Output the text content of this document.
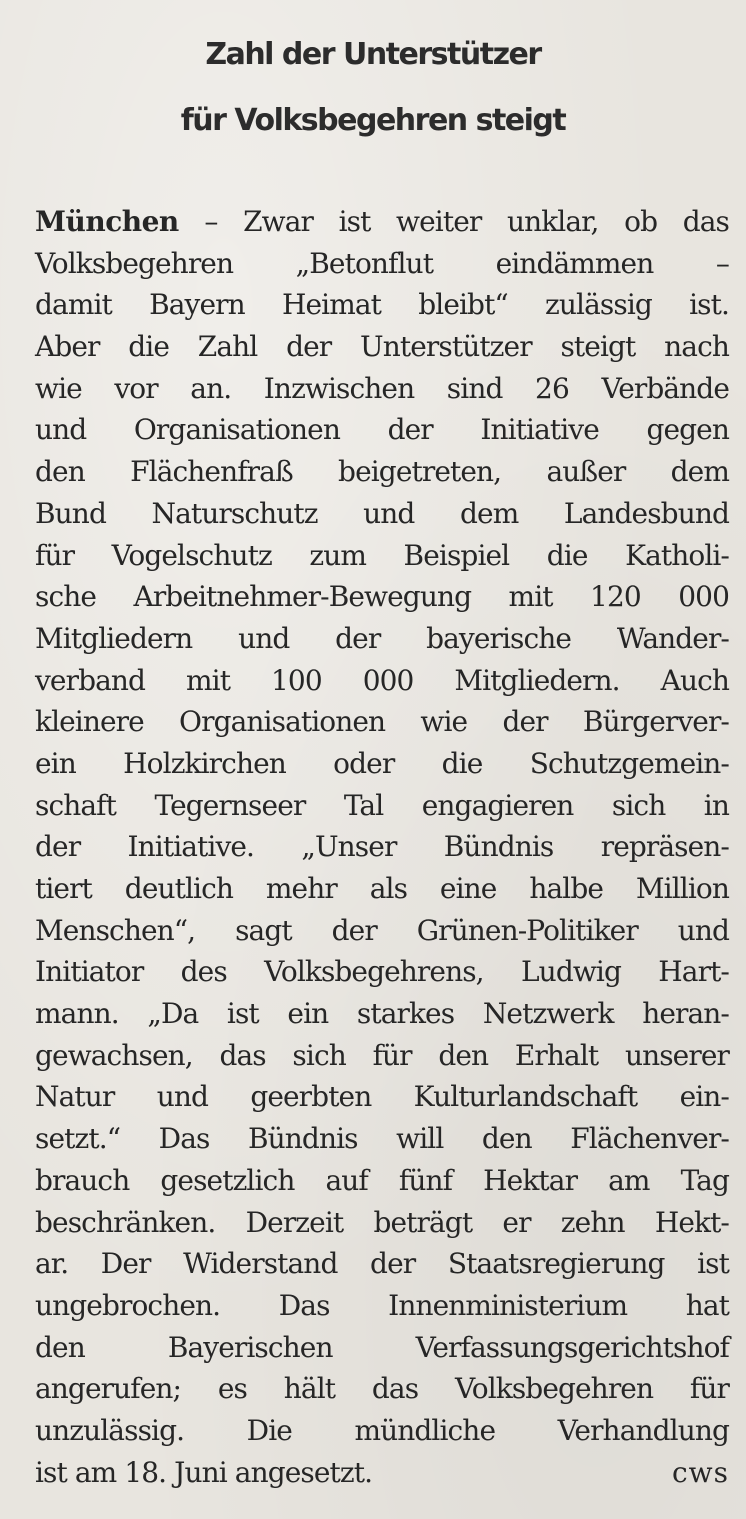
Zahl der Unterstützer
für Volksbegehren steigt
München – Zwar ist weiter unklar, ob das
Volksbegehren „Betonflut eindämmen –
damit Bayern Heimat bleibt“ zulässig ist.
Aber die Zahl der Unterstützer steigt nach
wie vor an. Inzwischen sind 26 Verbände
und Organisationen der Initiative gegen
den Flächenfraß beigetreten, außer dem
Bund Naturschutz und dem Landesbund
für Vogelschutz zum Beispiel die Katholi-
sche Arbeitnehmer-Bewegung mit 120 000
Mitgliedern und der bayerische Wander-
verband mit 100 000 Mitgliedern. Auch
kleinere Organisationen wie der Bürgerver-
ein Holzkirchen oder die Schutzgemein-
schaft Tegernseer Tal engagieren sich in
der Initiative. „Unser Bündnis repräsen-
tiert deutlich mehr als eine halbe Million
Menschen“, sagt der Grünen-Politiker und
Initiator des Volksbegehrens, Ludwig Hart-
mann. „Da ist ein starkes Netzwerk heran-
gewachsen, das sich für den Erhalt unserer
Natur und geerbten Kulturlandschaft ein-
setzt.“ Das Bündnis will den Flächenver-
brauch gesetzlich auf fünf Hektar am Tag
beschränken. Derzeit beträgt er zehn Hekt-
ar. Der Widerstand der Staatsregierung ist
ungebrochen. Das Innenministerium hat
den Bayerischen Verfassungsgerichtshof
angerufen; es hält das Volksbegehren für
unzulässig. Die mündliche Verhandlung
ist am 18. Juni angesetzt.	cws
